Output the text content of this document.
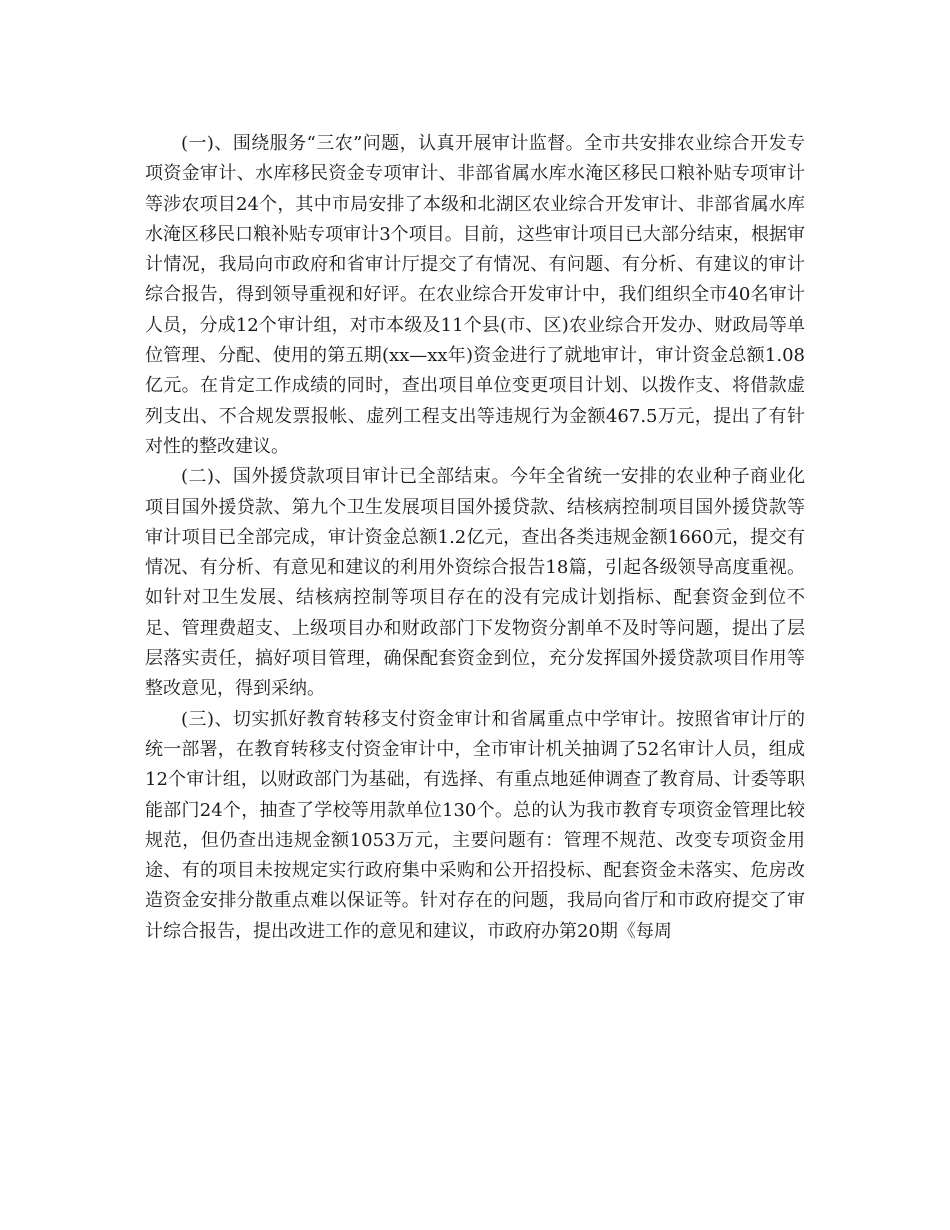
(一)、围绕服务“三农”问题，认真开展审计监督。全市共安排农业综合开发专项资金审计、水库移民资金专项审计、非部省属水库水淹区移民口粮补贴专项审计等涉农项目24个，其中市局安排了本级和北湖区农业综合开发审计、非部省属水库水淹区移民口粮补贴专项审计3个项目。目前，这些审计项目已大部分结束，根据审计情况，我局向市政府和省审计厅提交了有情况、有问题、有分析、有建议的审计综合报告，得到领导重视和好评。在农业综合开发审计中，我们组织全市40名审计人员，分成12个审计组，对市本级及11个县(市、区)农业综合开发办、财政局等单位管理、分配、使用的第五期(xx—xx年)资金进行了就地审计，审计资金总额1.08亿元。在肯定工作成绩的同时，查出项目单位变更项目计划、以拨作支、将借款虚列支出、不合规发票报帐、虚列工程支出等违规行为金额467.5万元，提出了有针对性的整改建议。

(二)、国外援贷款项目审计已全部结束。今年全省统一安排的农业种子商业化项目国外援贷款、第九个卫生发展项目国外援贷款、结核病控制项目国外援贷款等审计项目已全部完成，审计资金总额1.2亿元，查出各类违规金额1660元，提交有情况、有分析、有意见和建议的利用外资综合报告18篇，引起各级领导高度重视。如针对卫生发展、结核病控制等项目存在的没有完成计划指标、配套资金到位不足、管理费超支、上级项目办和财政部门下发物资分割单不及时等问题，提出了层层落实责任，搞好项目管理，确保配套资金到位，充分发挥国外援贷款项目作用等整改意见，得到采纳。

(三)、切实抓好教育转移支付资金审计和省属重点中学审计。按照省审计厅的统一部署，在教育转移支付资金审计中，全市审计机关抽调了52名审计人员，组成12个审计组，以财政部门为基础，有选择、有重点地延伸调查了教育局、计委等职能部门24个，抽查了学校等用款单位130个。总的认为我市教育专项资金管理比较规范，但仍查出违规金额1053万元，主要问题有：管理不规范、改变专项资金用途、有的项目未按规定实行政府集中采购和公开招投标、配套资金未落实、危房改造资金安排分散重点难以保证等。针对存在的问题，我局向省厅和市政府提交了审计综合报告，提出改进工作的意见和建议，市政府办第20期《每周
